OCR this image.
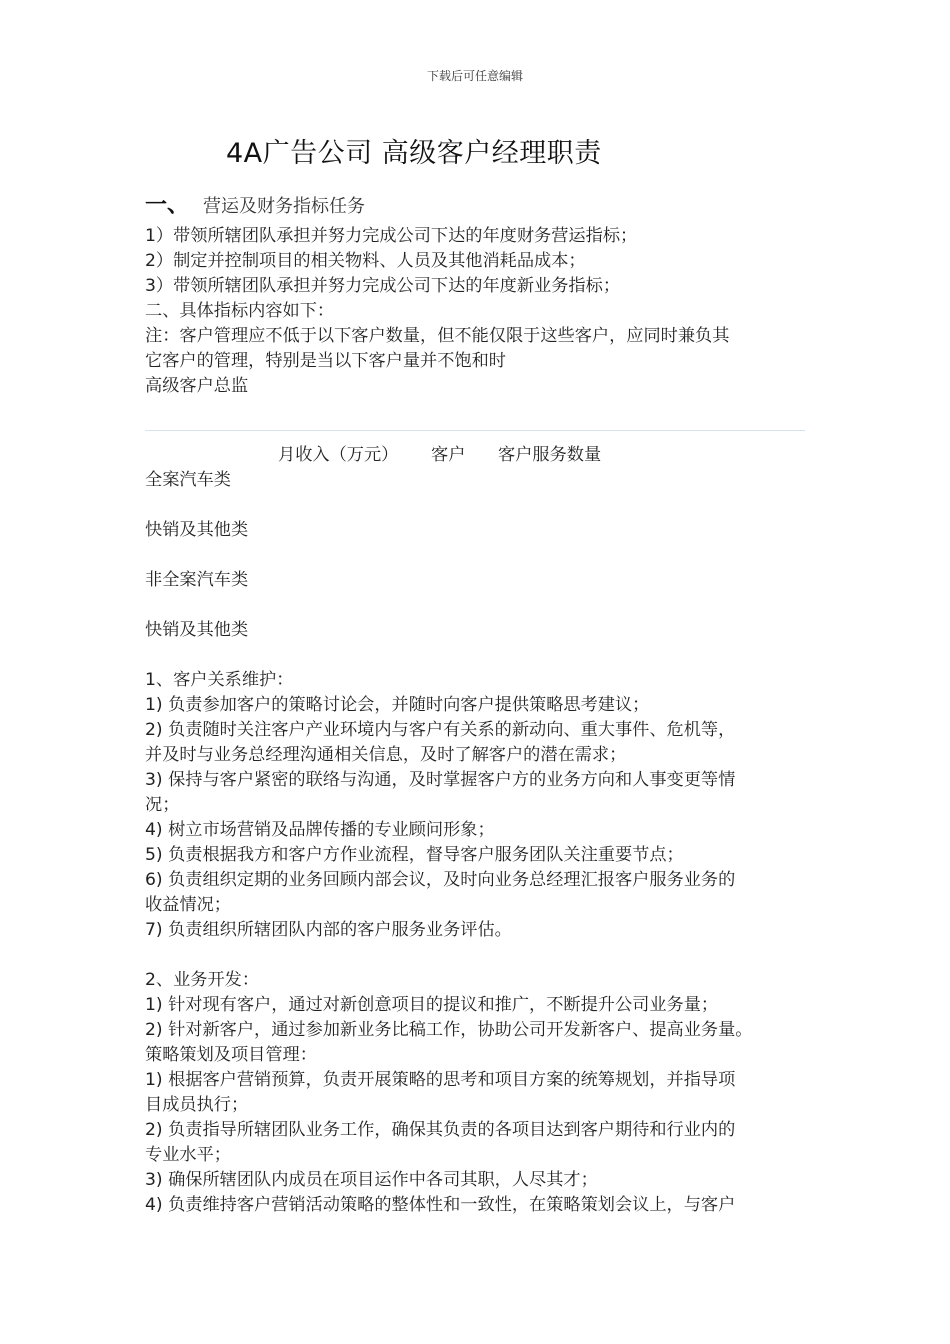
下载后可任意编辑
4A广告公司 高级客户经理职责
一、 营运及财务指标任务
1）带领所辖团队承担并努力完成公司下达的年度财务营运指标；
2）制定并控制项目的相关物料、人员及其他消耗品成本；
3）带领所辖团队承担并努力完成公司下达的年度新业务指标；
二、具体指标内容如下：
注：客户管理应不低于以下客户数量，但不能仅限于这些客户，应同时兼负其
它客户的管理，特别是当以下客户量并不饱和时
高级客户总监
月收入（万元） 客户 客户服务数量
全案汽车类
快销及其他类
非全案汽车类
快销及其他类
1、客户关系维护：
1) 负责参加客户的策略讨论会，并随时向客户提供策略思考建议；
2) 负责随时关注客户产业环境内与客户有关系的新动向、重大事件、危机等，
并及时与业务总经理沟通相关信息，及时了解客户的潜在需求；
3) 保持与客户紧密的联络与沟通，及时掌握客户方的业务方向和人事变更等情
况；
4) 树立市场营销及品牌传播的专业顾问形象；
5) 负责根据我方和客户方作业流程，督导客户服务团队关注重要节点；
6) 负责组织定期的业务回顾内部会议，及时向业务总经理汇报客户服务业务的
收益情况；
7) 负责组织所辖团队内部的客户服务业务评估。
2、业务开发：
1) 针对现有客户，通过对新创意项目的提议和推广，不断提升公司业务量；
2) 针对新客户，通过参加新业务比稿工作，协助公司开发新客户、提高业务量。
策略策划及项目管理：
1) 根据客户营销预算，负责开展策略的思考和项目方案的统筹规划，并指导项
目成员执行；
2) 负责指导所辖团队业务工作，确保其负责的各项目达到客户期待和行业内的
专业水平；
3) 确保所辖团队内成员在项目运作中各司其职，人尽其才；
4) 负责维持客户营销活动策略的整体性和一致性，在策略策划会议上，与客户
